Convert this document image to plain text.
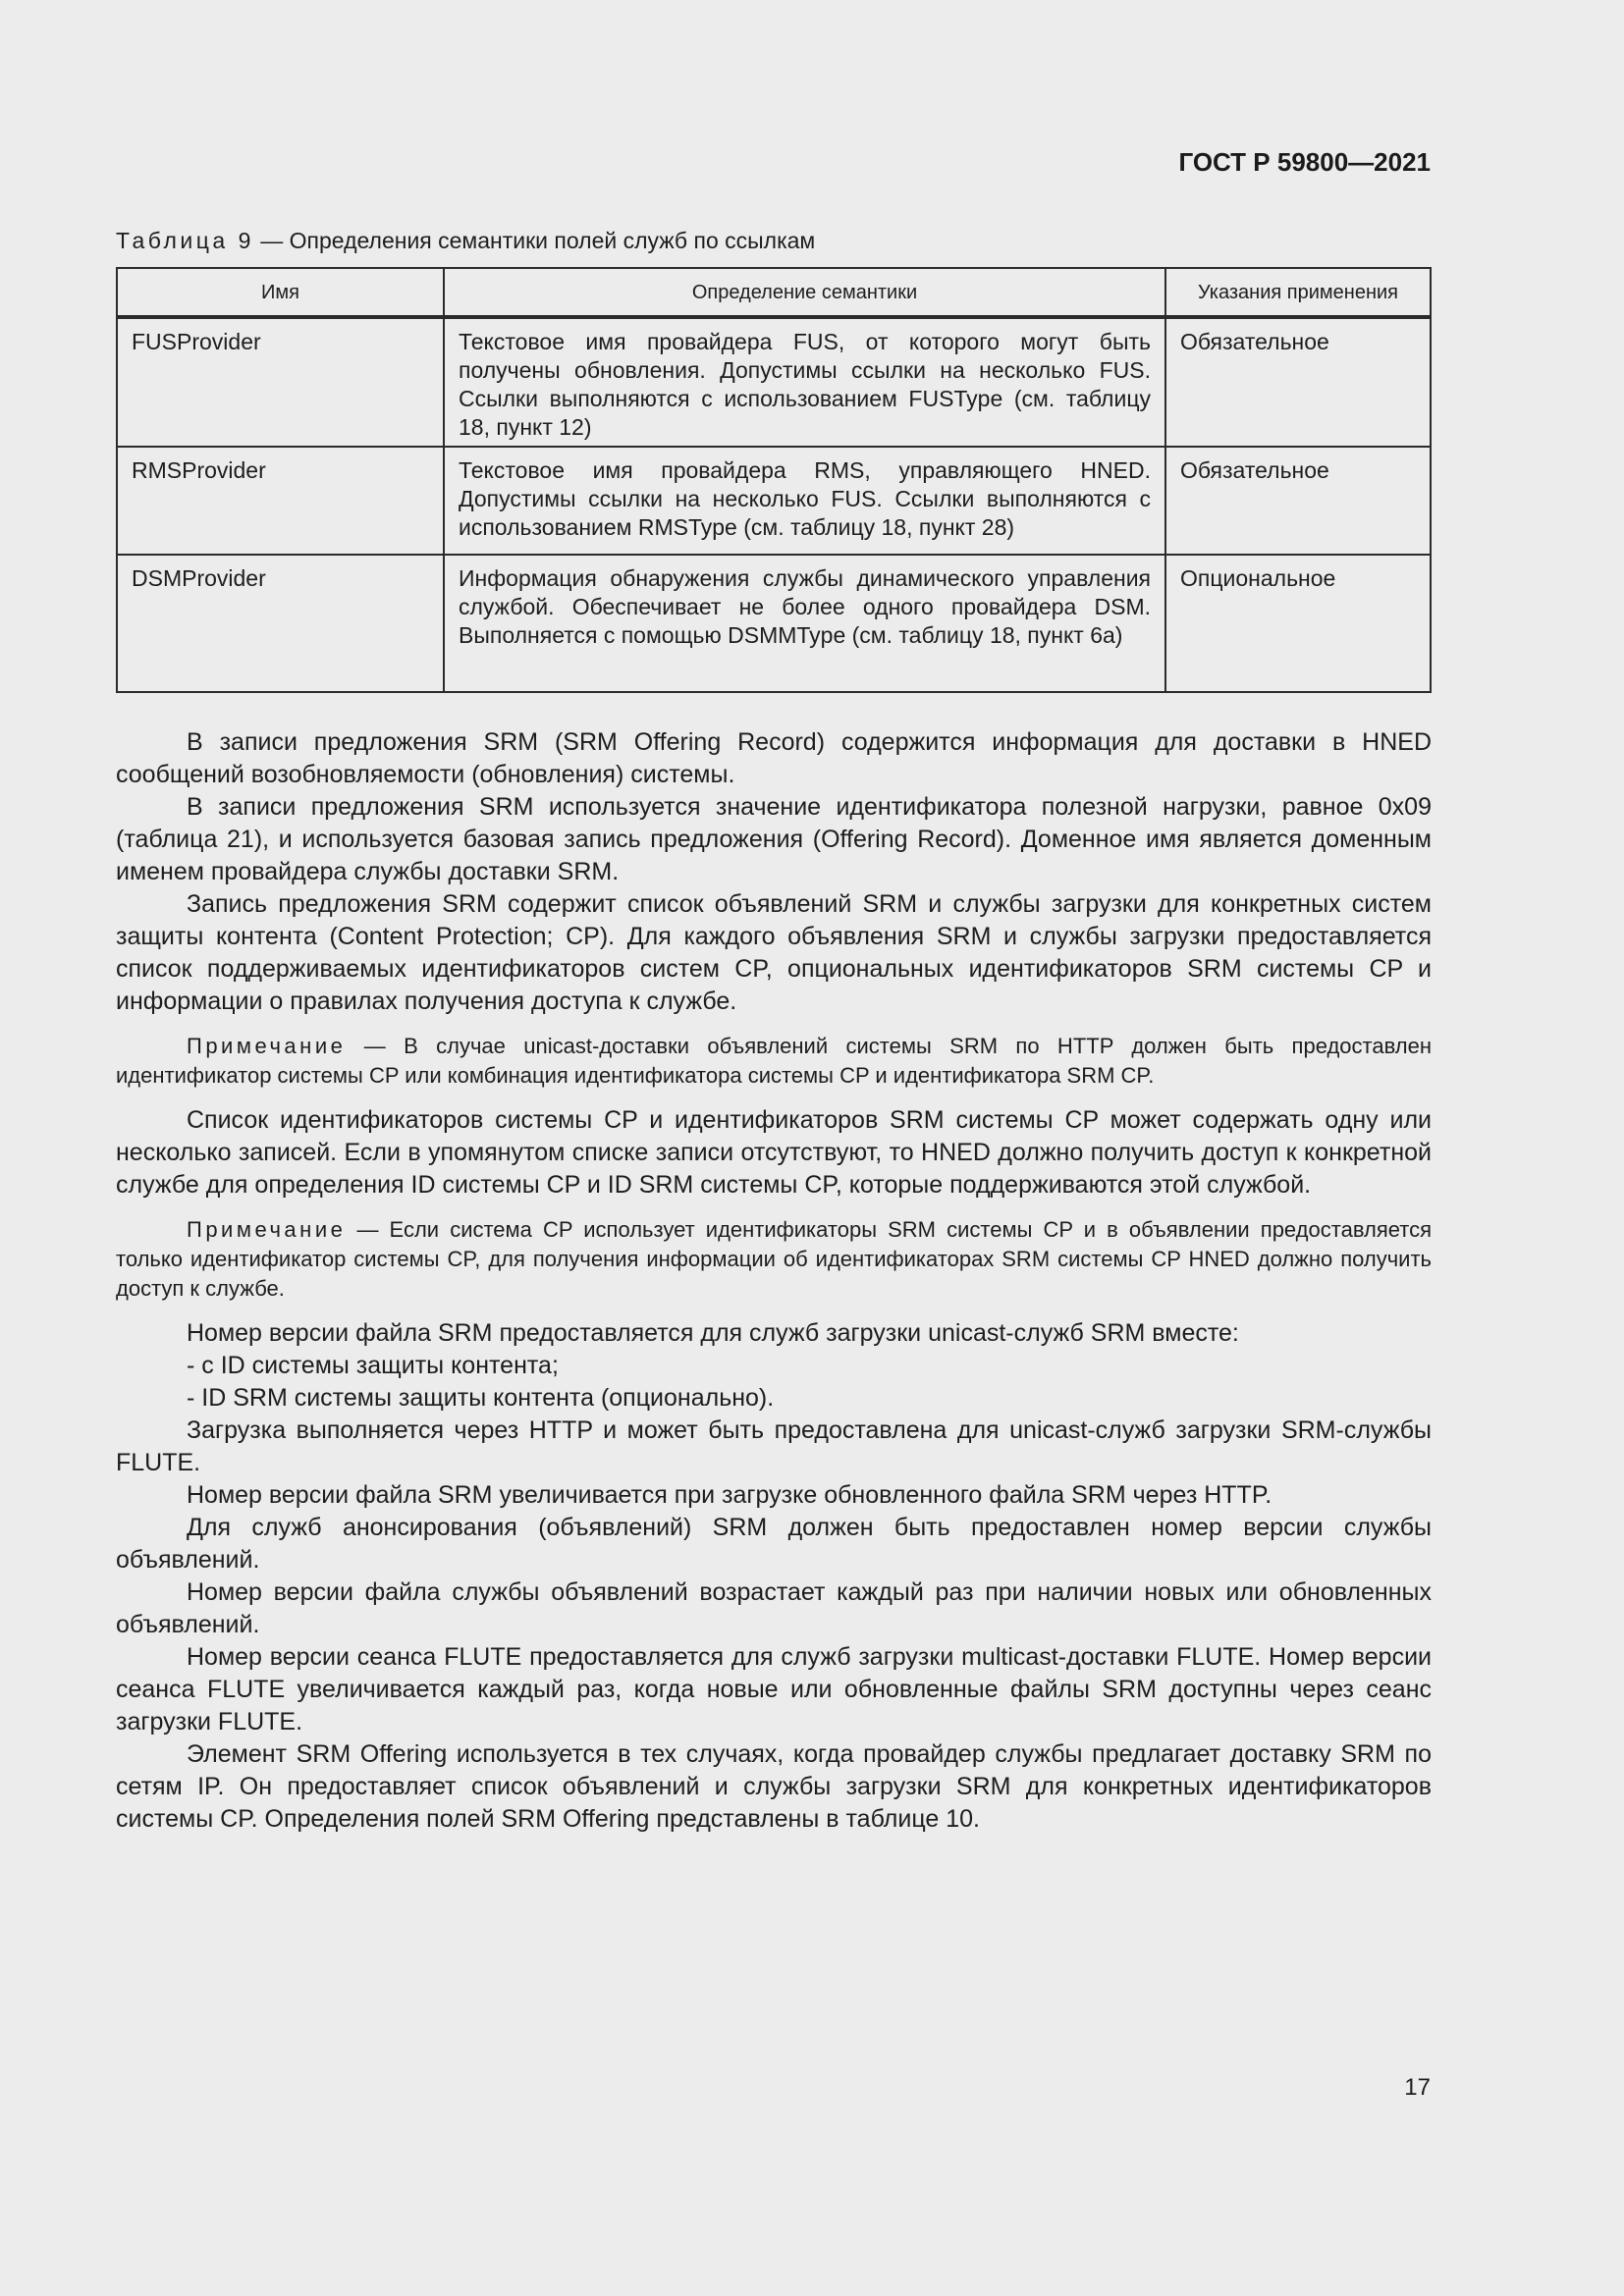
ГОСТ Р 59800—2021
Таблица 9 — Определения семантики полей служб по ссылкам
Имя	Определение семантики	Указания применения
FUSProvider	Текстовое имя провайдера FUS, от которого могут быть получены обновления. Допустимы ссылки на несколько FUS. Ссылки выполняются с использованием FUSType (см. таблицу 18, пункт 12)	Обязательное
RMSProvider	Текстовое имя провайдера RMS, управляющего HNED. Допустимы ссылки на несколько FUS. Ссылки выполняются с использованием RMSType (см. таблицу 18, пункт 28)	Обязательное
DSMProvider	Информация обнаружения службы динамического управления службой. Обеспечивает не более одного провайдера DSM. Выполняется с помощью DSMMType (см. таблицу 18, пункт 6а)	Опциональное

В записи предложения SRM (SRM Offering Record) содержится информация для доставки в HNED сообщений возобновляемости (обновления) системы.

В записи предложения SRM используется значение идентификатора полезной нагрузки, равное 0x09 (таблица 21), и используется базовая запись предложения (Offering Record). Доменное имя является доменным именем провайдера службы доставки SRM.

Запись предложения SRM содержит список объявлений SRM и службы загрузки для конкретных систем защиты контента (Content Protection; CP). Для каждого объявления SRM и службы загрузки предоставляется список поддерживаемых идентификаторов систем CP, опциональных идентификаторов SRM системы CP и информации о правилах получения доступа к службе.

Примечание — В случае unicast-доставки объявлений системы SRM по HTTP должен быть предоставлен идентификатор системы CP или комбинация идентификатора системы CP и идентификатора SRM CP.

Список идентификаторов системы CP и идентификаторов SRM системы CP может содержать одну или несколько записей. Если в упомянутом списке записи отсутствуют, то HNED должно получить доступ к конкретной службе для определения ID системы CP и ID SRM системы CP, которые поддерживаются этой службой.

Примечание — Если система CP использует идентификаторы SRM системы CP и в объявлении предоставляется только идентификатор системы CP, для получения информации об идентификаторах SRM системы CP HNED должно получить доступ к службе.

Номер версии файла SRM предоставляется для служб загрузки unicast-служб SRM вместе:

- с ID системы защиты контента;

- ID SRM системы защиты контента (опционально).

Загрузка выполняется через HTTP и может быть предоставлена для unicast-служб загрузки SRM-службы FLUTE.

Номер версии файла SRM увеличивается при загрузке обновленного файла SRM через HTTP.

Для служб анонсирования (объявлений) SRM должен быть предоставлен номер версии службы объявлений.

Номер версии файла службы объявлений возрастает каждый раз при наличии новых или обновленных объявлений.

Номер версии сеанса FLUTE предоставляется для служб загрузки multicast-доставки FLUTE. Номер версии сеанса FLUTE увеличивается каждый раз, когда новые или обновленные файлы SRM доступны через сеанс загрузки FLUTE.

Элемент SRM Offering используется в тех случаях, когда провайдер службы предлагает доставку SRM по сетям IP. Он предоставляет список объявлений и службы загрузки SRM для конкретных идентификаторов системы CP. Определения полей SRM Offering представлены в таблице 10.

17
